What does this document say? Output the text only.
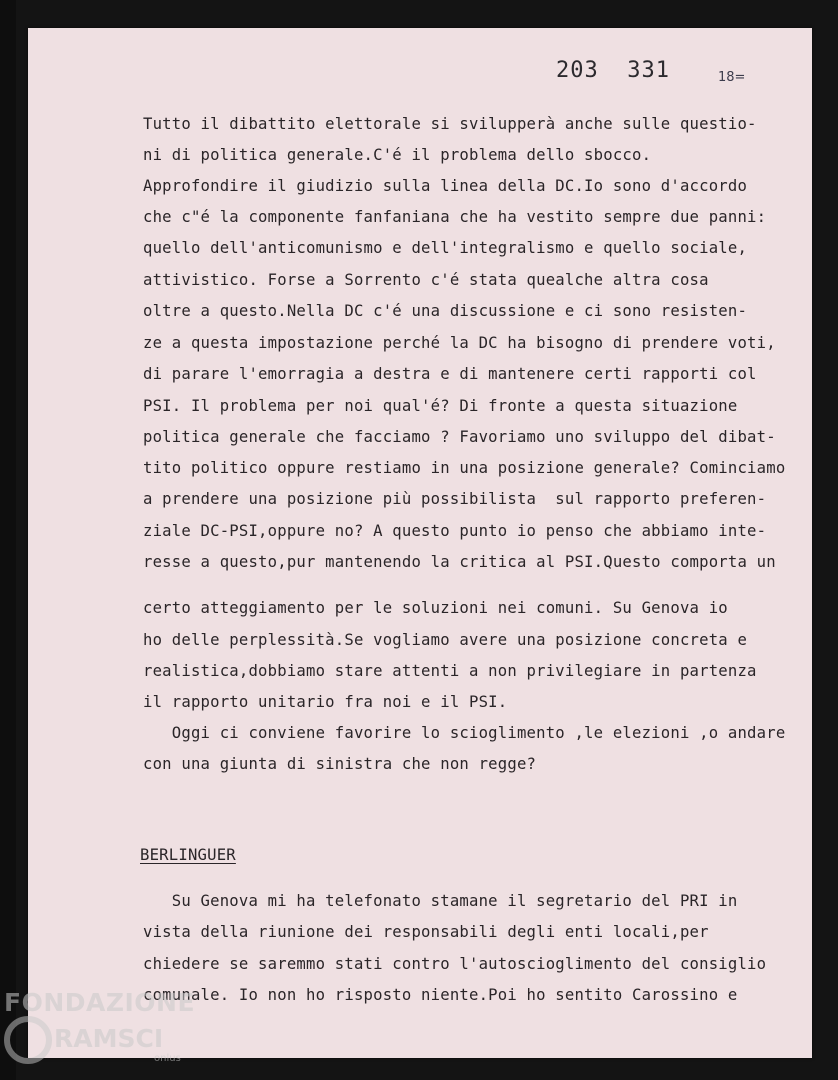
203  331	18=
Tutto il dibattito elettorale si svilupperà anche sulle questio-
ni di politica generale.C'é il problema dello sbocco.
Approfondire il giudizio sulla linea della DC.Io sono d'accordo
che c"é la componente fanfaniana che ha vestito sempre due panni:
quello dell'anticomunismo e dell'integralismo e quello sociale,
attivistico. Forse a Sorrento c'é stata quealche altra cosa
oltre a questo.Nella DC c'é una discussione e ci sono resisten-
ze a questa impostazione perché la DC ha bisogno di prendere voti,
di parare l'emorragia a destra e di mantenere certi rapporti col
PSI. Il problema per noi qual'é? Di fronte a questa situazione
politica generale che facciamo ? Favoriamo uno sviluppo del dibat-
tito politico oppure restiamo in una posizione generale? Cominciamo
a prendere una posizione più possibilista  sul rapporto preferen-
ziale DC-PSI,oppure no? A questo punto io penso che abbiamo inte-
resse a questo,pur mantenendo la critica al PSI.Questo comporta un
certo atteggiamento per le soluzioni nei comuni. Su Genova io
ho delle perplessità.Se vogliamo avere una posizione concreta e
realistica,dobbiamo stare attenti a non privilegiare in partenza
il rapporto unitario fra noi e il PSI.
Oggi ci conviene favorire lo scioglimento ,le elezioni ,o andare
con una giunta di sinistra che non regge?
BERLINGUER
Su Genova mi ha telefonato stamane il segretario del PRI in
vista della riunione dei responsabili degli enti locali,per
chiedere se saremmo stati contro l'autoscioglimento del consiglio
comunale. Io non ho risposto niente.Poi ho sentito Carossino e
FONDAZIONE
RAMSCI
onlus
